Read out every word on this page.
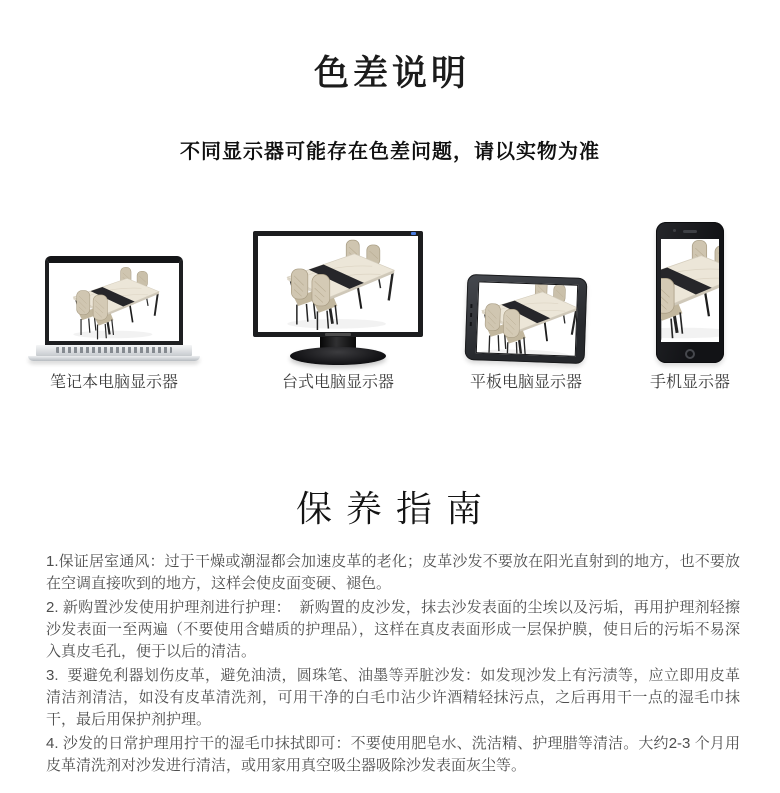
色差说明
不同显示器可能存在色差问题，请以实物为准
笔记本电脑显示器	台式电脑显示器	平板电脑显示器	手机显示器
保 养 指 南

1.保证居室通风：过于干燥或潮湿都会加速皮革的老化；皮革沙发不要放在阳光直射到的地方，也不要放在空调直接吹到的地方，这样会使皮面变硬、褪色。

2. 新购置沙发使用护理剂进行护理：  新购置的皮沙发，抹去沙发表面的尘埃以及污垢，再用护理剂轻擦沙发表面一至两遍（不要使用含蜡质的护理品），这样在真皮表面形成一层保护膜，使日后的污垢不易深入真皮毛孔，便于以后的清洁。

3.  要避免利器划伤皮革，避免油渍，圆珠笔、油墨等弄脏沙发：如发现沙发上有污渍等，应立即用皮革清洁剂清洁，如没有皮革清洗剂，可用干净的白毛巾沾少许酒精轻抹污点，之后再用干一点的湿毛巾抹干，最后用保护剂护理。

4. 沙发的日常护理用拧干的湿毛巾抹拭即可：不要使用肥皂水、洗洁精、护理腊等清洁。大约2-3 个月用皮革清洗剂对沙发进行清洁，或用家用真空吸尘器吸除沙发表面灰尘等。
